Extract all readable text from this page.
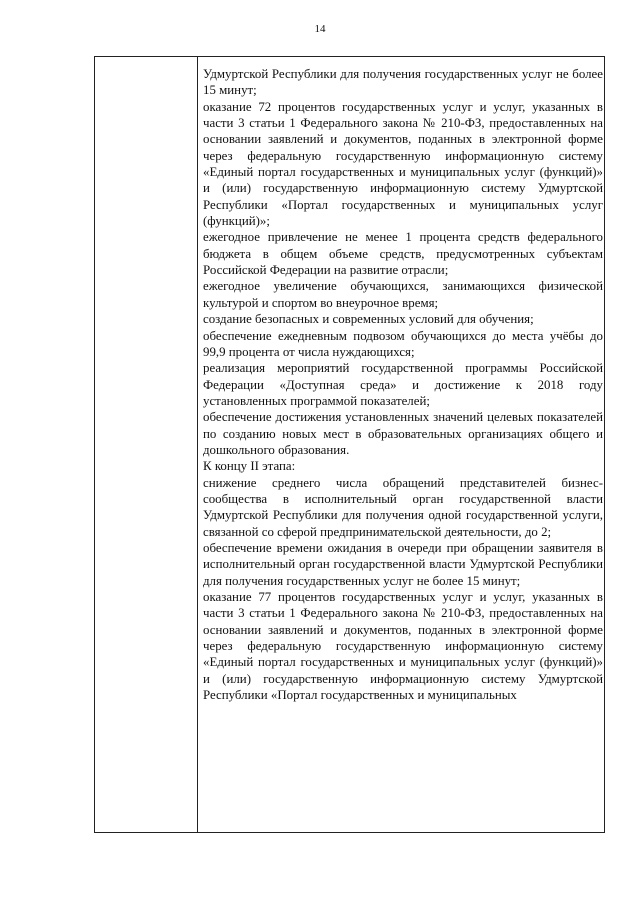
14

Удмуртской Республики для получения государственных услуг не более 15 минут;

оказание 72 процентов государственных услуг и услуг, указанных в части 3 статьи 1 Федерального закона № 210-ФЗ, предоставленных на основании заявлений и документов, поданных в электронной форме через федеральную государственную информационную систему «Единый портал государственных и муниципальных услуг (функций)» и (или) государственную информационную систему Удмуртской Республики «Портал государственных и муниципальных услуг (функций)»;

ежегодное привлечение не менее 1 процента средств федерального бюджета в общем объеме средств, предусмотренных субъектам Российской Федерации на развитие отрасли;

ежегодное увеличение обучающихся, занимающихся физической культурой и спортом во внеурочное время;

создание безопасных и современных условий для обучения;

обеспечение ежедневным подвозом обучающихся до места учёбы до 99,9 процента от числа нуждающихся;

реализация мероприятий государственной программы Российской Федерации «Доступная среда» и достижение к 2018 году установленных программой показателей;

обеспечение достижения установленных значений целевых показателей по созданию новых мест в образовательных организациях общего и дошкольного образования.

К концу II этапа:

снижение среднего числа обращений представителей бизнес-сообщества в исполнительный орган государственной власти Удмуртской Республики для получения одной государственной услуги, связанной со сферой предпринимательской деятельности, до 2;

обеспечение времени ожидания в очереди при обращении заявителя в исполнительный орган государственной власти Удмуртской Республики для получения государственных услуг не более 15 минут;

оказание 77 процентов государственных услуг и услуг, указанных в части 3 статьи 1 Федерального закона № 210-ФЗ, предоставленных на основании заявлений и документов, поданных в электронной форме через федеральную государственную информационную систему «Единый портал государственных и муниципальных услуг (функций)» и (или) государственную информационную систему Удмуртской Республики «Портал государственных и муниципальных
